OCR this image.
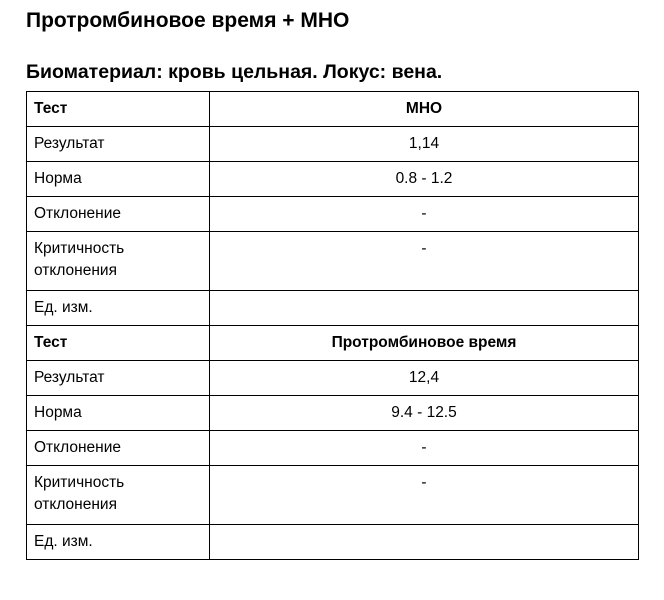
Протромбиновое время + МНО
Биоматериал: кровь цельная. Локус: вена.
Тест	МНО
Результат	1,14
Норма	0.8 - 1.2
Отклонение	-
Критичность отклонения	-
Ед. изм.	
Тест	Протромбиновое время
Результат	12,4
Норма	9.4 - 12.5
Отклонение	-
Критичность отклонения	-
Ед. изм.	
